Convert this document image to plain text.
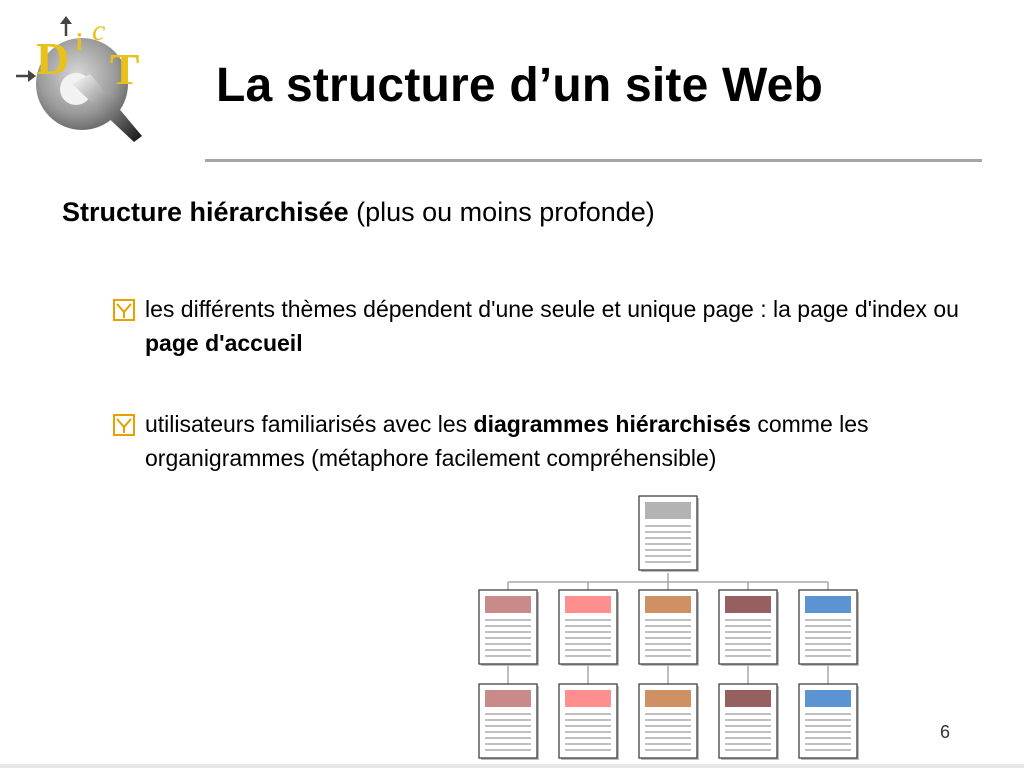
D i c
T La structure d’un site Web
Structure hiérarchisée (plus ou moins profonde)
les différents thèmes dépendent d'une seule et unique page : la page d'index ou page d'accueil
utilisateurs familiarisés avec les diagrammes hiérarchisés comme les organigrammes (métaphore facilement compréhensible)
6
